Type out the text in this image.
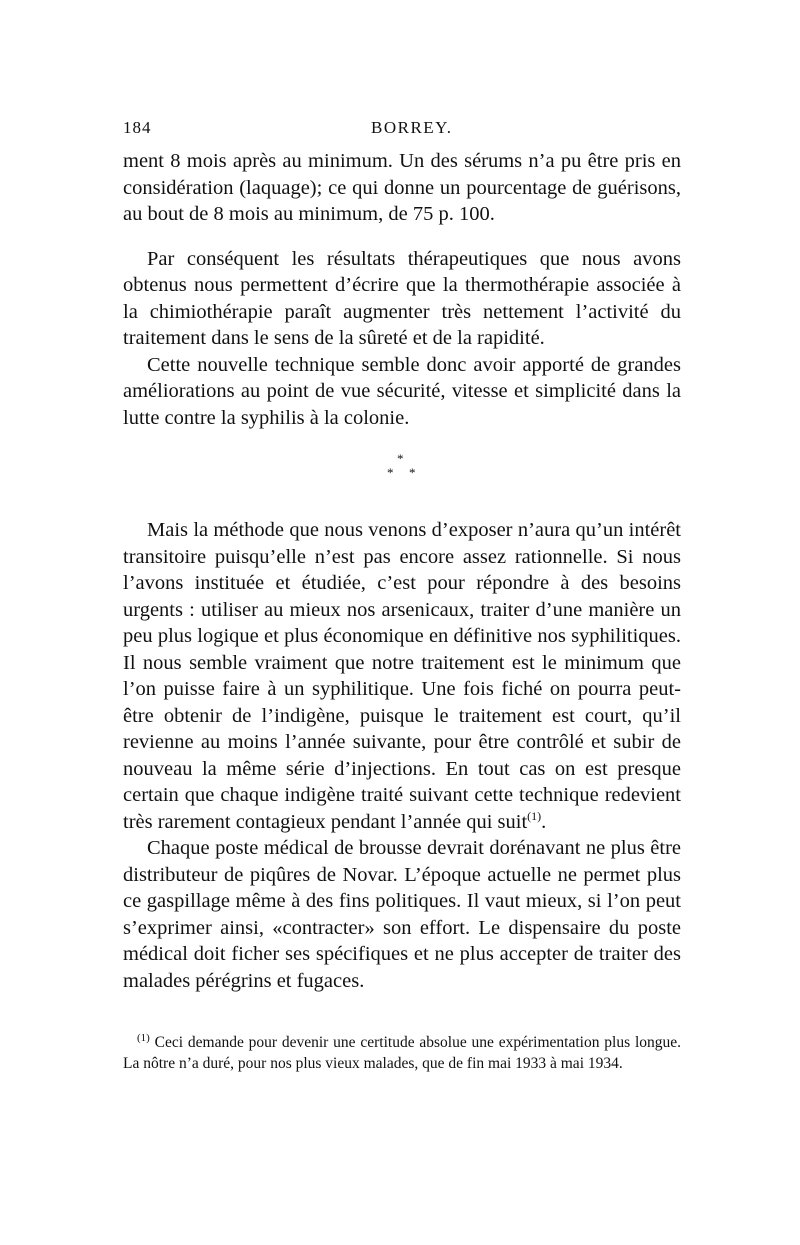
184	BORREY.

ment 8 mois après au minimum. Un des sérums n’a pu être pris en considération (laquage); ce qui donne un pourcentage de guérisons, au bout de 8 mois au minimum, de 75 p. 100.

Par conséquent les résultats thérapeutiques que nous avons obtenus nous permettent d’écrire que la thermothérapie associée à la chimiothérapie paraît augmenter très nettement l’activité du traitement dans le sens de la sûreté et de la rapidité.

Cette nouvelle technique semble donc avoir apporté de grandes améliorations au point de vue sécurité, vitesse et simplicité dans la lutte contre la syphilis à la colonie.

*
* *

Mais la méthode que nous venons d’exposer n’aura qu’un intérêt transitoire puisqu’elle n’est pas encore assez rationnelle. Si nous l’avons instituée et étudiée, c’est pour répondre à des besoins urgents : utiliser au mieux nos arsenicaux, traiter d’une manière un peu plus logique et plus économique en définitive nos syphilitiques. Il nous semble vraiment que notre traitement est le minimum que l’on puisse faire à un syphilitique. Une fois fiché on pourra peut-être obtenir de l’indigène, puisque le traitement est court, qu’il revienne au moins l’année suivante, pour être contrôlé et subir de nouveau la même série d’injections. En tout cas on est presque certain que chaque indigène traité suivant cette technique redevient très rarement contagieux pendant l’année qui suit$^{(1)}$.

Chaque poste médical de brousse devrait dorénavant ne plus être distributeur de piqûres de Novar. L’époque actuelle ne permet plus ce gaspillage même à des fins politiques. Il vaut mieux, si l’on peut s’exprimer ainsi, «contracter» son effort. Le dispensaire du poste médical doit ficher ses spécifiques et ne plus accepter de traiter des malades pérégrins et fugaces.

$^{(1)}$ Ceci demande pour devenir une certitude absolue une expérimentation plus longue. La nôtre n’a duré, pour nos plus vieux malades, que de fin mai 1933 à mai 1934.
